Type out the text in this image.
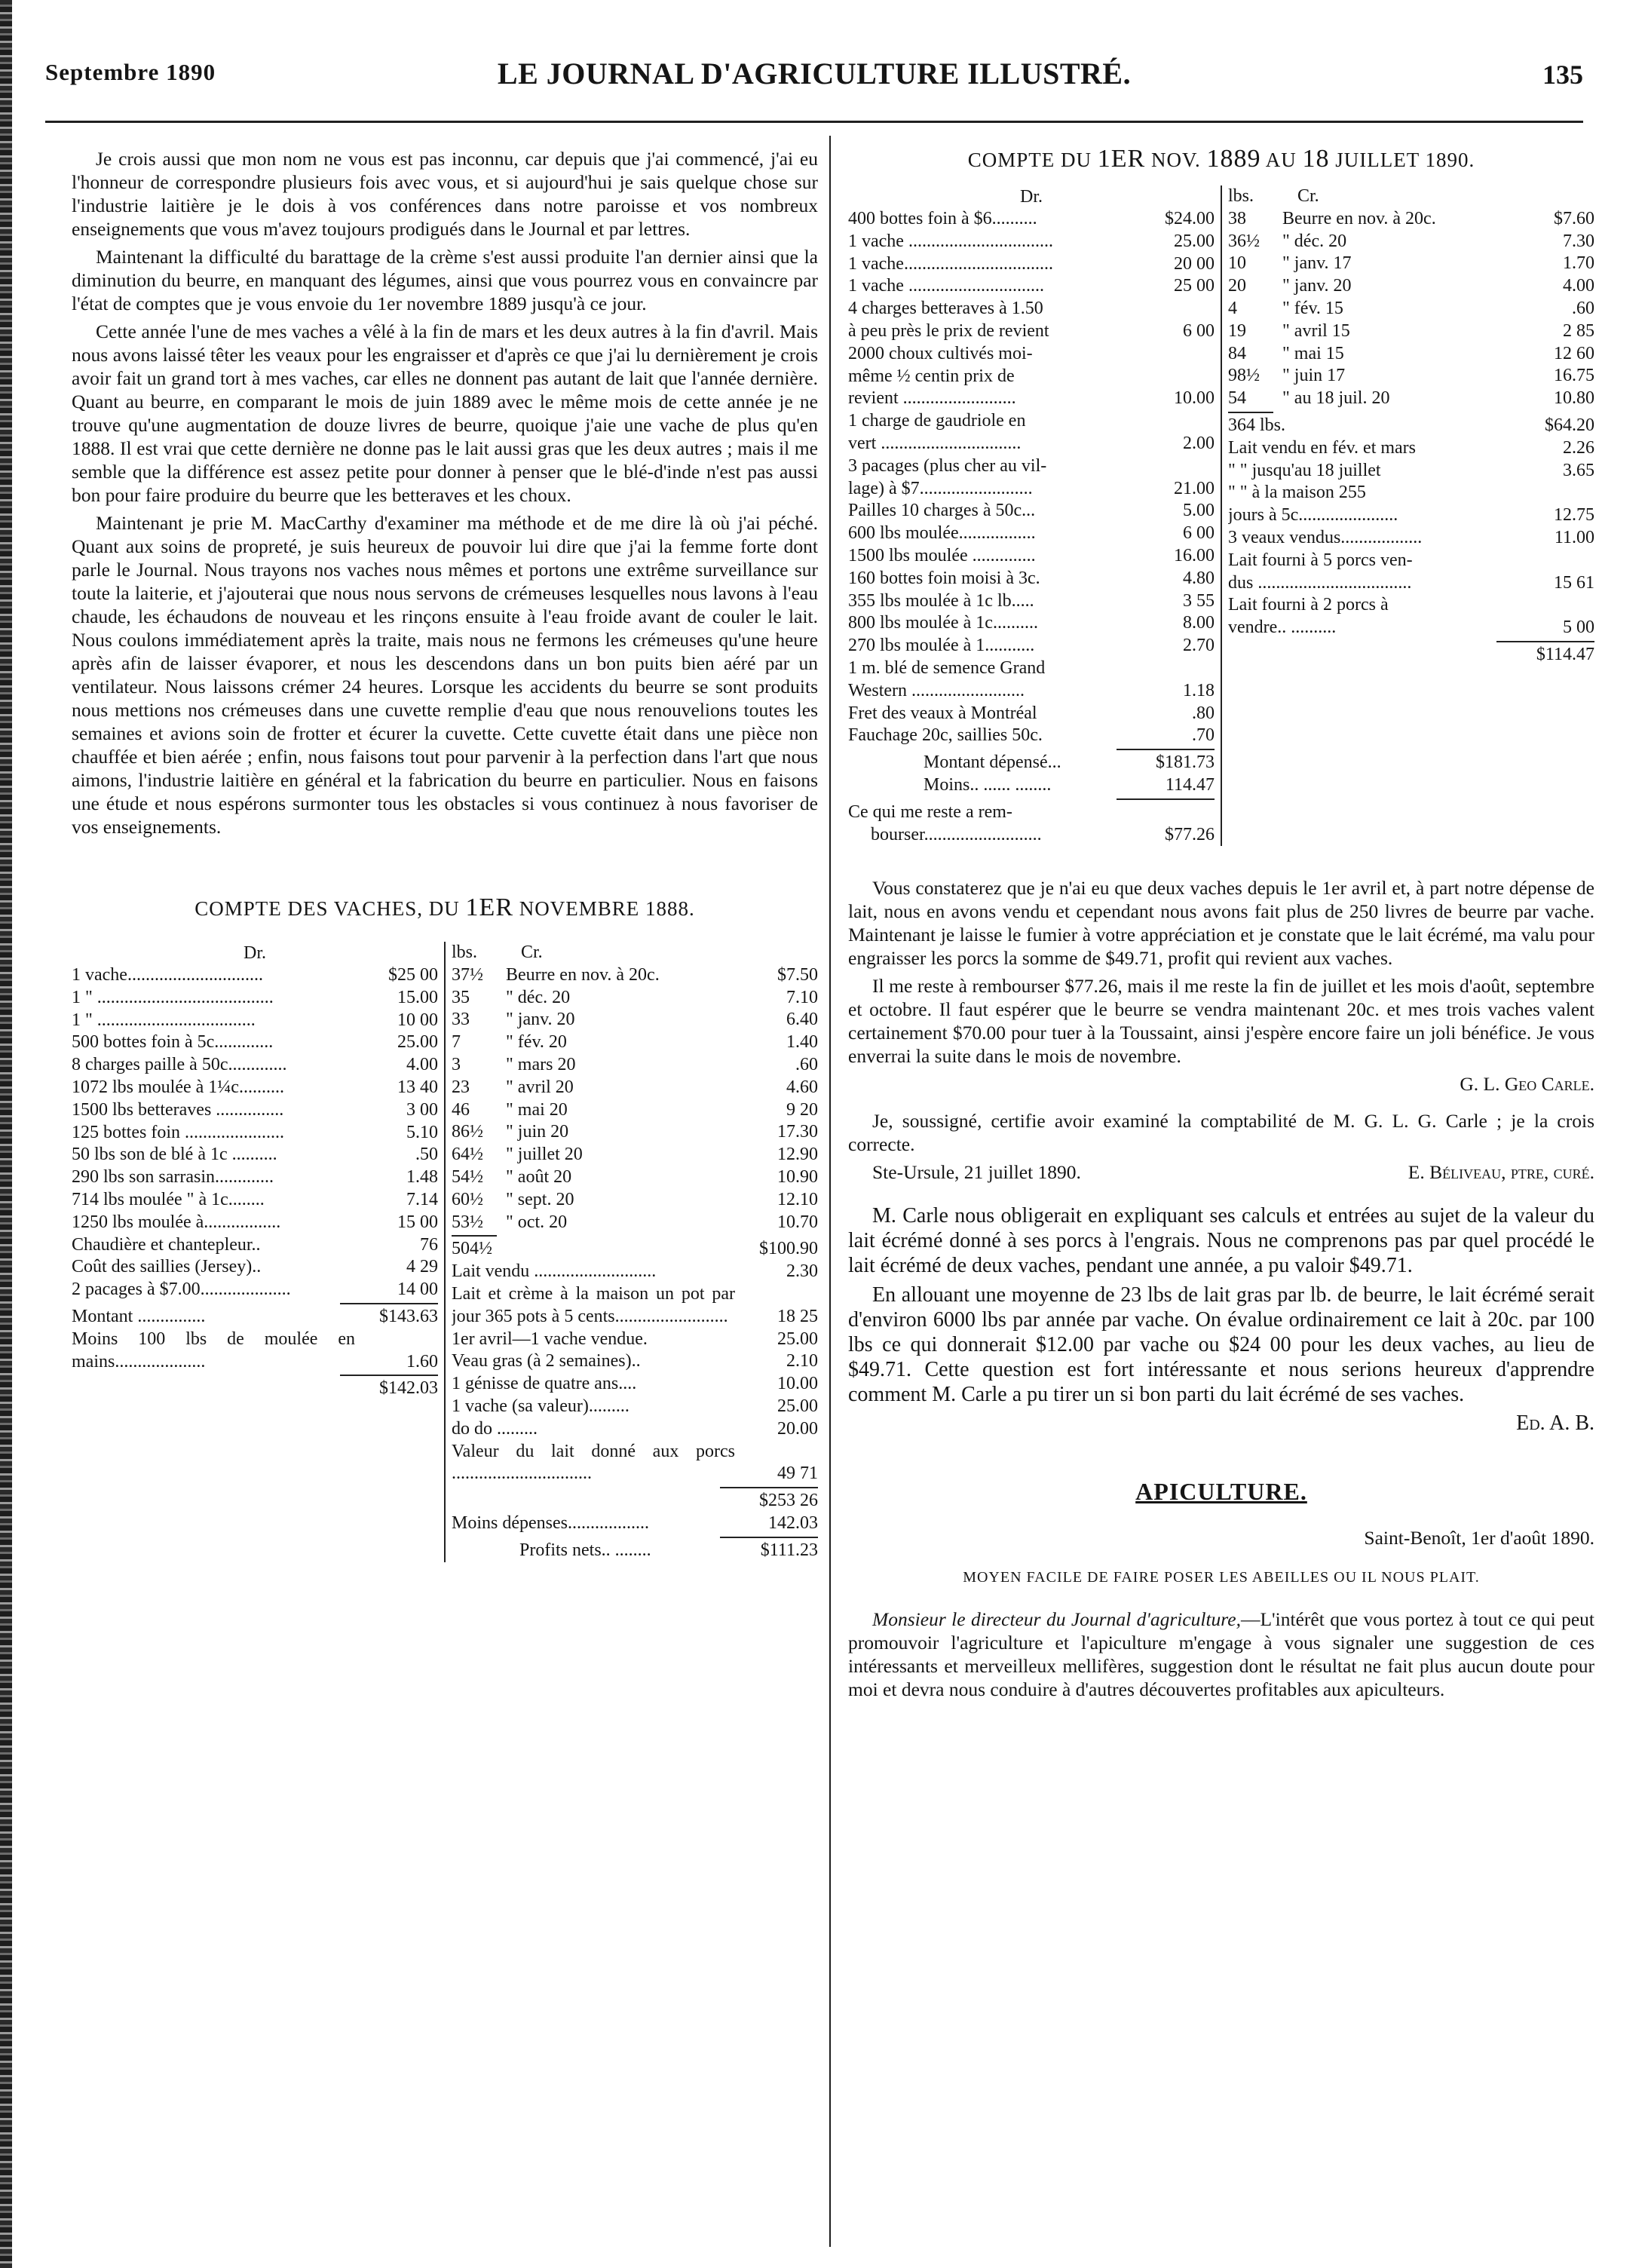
Septembre 1890	LE JOURNAL D'AGRICULTURE ILLUSTRÉ.	135

Je crois aussi que mon nom ne vous est pas inconnu, car depuis que j'ai commencé, j'ai eu l'honneur de correspondre plusieurs fois avec vous, et si aujourd'hui je sais quelque chose sur l'industrie laitière je le dois à vos conférences dans notre paroisse et vos nombreux enseignements que vous m'avez toujours prodigués dans le Journal et par lettres.

Maintenant la difficulté du barattage de la crème s'est aussi produite l'an dernier ainsi que la diminution du beurre, en manquant des légumes, ainsi que vous pourrez vous en convaincre par l'état de comptes que je vous envoie du 1er novembre 1889 jusqu'à ce jour.

Cette année l'une de mes vaches a vêlé à la fin de mars et les deux autres à la fin d'avril. Mais nous avons laissé têter les veaux pour les engraisser et d'après ce que j'ai lu dernièrement je crois avoir fait un grand tort à mes vaches, car elles ne donnent pas autant de lait que l'année dernière. Quant au beurre, en comparant le mois de juin 1889 avec le même mois de cette année je ne trouve qu'une augmentation de douze livres de beurre, quoique j'aie une vache de plus qu'en 1888. Il est vrai que cette dernière ne donne pas le lait aussi gras que les deux autres ; mais il me semble que la différence est assez petite pour donner à penser que le blé-d'inde n'est pas aussi bon pour faire produire du beurre que les betteraves et les choux.

Maintenant je prie M. MacCarthy d'examiner ma méthode et de me dire là où j'ai péché. Quant aux soins de propreté, je suis heureux de pouvoir lui dire que j'ai la femme forte dont parle le Journal. Nous trayons nos vaches nous mêmes et portons une extrême surveillance sur toute la laiterie, et j'ajouterai que nous nous servons de crémeuses lesquelles nous lavons à l'eau chaude, les échaudons de nouveau et les rinçons ensuite à l'eau froide avant de couler le lait. Nous coulons immédiatement après la traite, mais nous ne fermons les crémeuses qu'une heure après afin de laisser évaporer, et nous les descendons dans un bon puits bien aéré par un ventilateur. Nous laissons crémer 24 heures. Lorsque les accidents du beurre se sont produits nous mettions nos crémeuses dans une cuvette remplie d'eau que nous renouvelions toutes les semaines et avions soin de frotter et écurer la cuvette. Cette cuvette était dans une pièce non chauffée et bien aérée ; enfin, nous faisons tout pour parvenir à la perfection dans l'art que nous aimons, l'industrie laitière en général et la fabrication du beurre en particulier. Nous en faisons une étude et nous espérons surmonter tous les obstacles si vous continuez à nous favoriser de vos enseignements.

COMPTE DES VACHES, DU 1ER NOVEMBRE 1888.

Dr.
1 vache..............................	$25 00
1 " .......................................	15.00
1 " ...................................	10 00
500 bottes foin à 5c.............	25.00
8 charges paille à 50c.............	4.00
1072 lbs moulée à 1¼c..........	13 40
1500 lbs betteraves ...............	3 00
125 bottes foin ......................	5.10
50 lbs son de blé à 1c ..........	.50
290 lbs son sarrasin.............	1.48
714 lbs moulée " à 1c........	7.14
1250 lbs moulée à.................	15 00
Chaudière et chantepleur..	76
Coût des saillies (Jersey)..	4 29
2 pacages à $7.00....................	14 00
Montant ...............	$143.63
Moins 100 lbs de moulée en mains....................	1.60
$142.03
lbs.	Cr.
37½	Beurre en nov. à 20c.	$7.50
35	" déc. 20	7.10
33	" janv. 20	6.40
7	" fév. 20	1.40
3	" mars 20	.60
23	" avril 20	4.60
46	" mai 20	9 20
86½	" juin 20	17.30
64½	" juillet 20	12.90
54½	" août 20	10.90
60½	" sept. 20	12.10
53½	" oct. 20	10.70
504½	$100.90
Lait vendu ...........................	2.30
Lait et crème à la maison un pot par jour 365 pots à 5 cents.........................	18 25
1er avril—1 vache vendue.	25.00
Veau gras (à 2 semaines)..	2.10
1 génisse de quatre ans....	10.00
1 vache (sa valeur).........	25.00
do do .........	20.00
Valeur du lait donné aux porcs ...............................	49 71
$253 26
Moins dépenses..................	142.03
Profits nets.. ........	$111.23

COMPTE DU 1ER NOV. 1889 AU 18 JUILLET 1890.

Dr.
400 bottes foin à $6..........	$24.00
1 vache ................................	25.00
1 vache.................................	20 00
1 vache ..............................	25 00
4 charges betteraves à 1.50
à peu près le prix de revient	6 00
2000 choux cultivés moi-
même ½ centin prix de
revient .........................	10.00
1 charge de gaudriole en
vert ...............................	2.00
3 pacages (plus cher au vil-
lage) à $7.........................	21.00
Pailles 10 charges à 50c...	5.00
600 lbs moulée.................	6 00
1500 lbs moulée ..............	16.00
160 bottes foin moisi à 3c.	4.80
355 lbs moulée à 1c lb.....	3 55
800 lbs moulée à 1c..........	8.00
270 lbs moulée à 1...........	2.70
1 m. blé de semence Grand
Western .........................	1.18
Fret des veaux à Montréal	.80
Fauchage 20c, saillies 50c.	.70
Montant dépensé...	$181.73
Moins.. ...... ........	114.47
Ce qui me reste a rem-
bourser..........................	$77.26
lbs.	Cr.
38	Beurre en nov. à 20c.	$7.60
36½	" déc. 20	7.30
10	" janv. 17	1.70
20	" janv. 20	4.00
4	" fév. 15	.60
19	" avril 15	2 85
84	" mai 15	12 60
98½	" juin 17	16.75
54	" au 18 juil. 20	10.80
364 lbs.	$64.20
Lait vendu en fév. et mars	2.26
" " jusqu'au 18 juillet	3.65
" " à la maison 255
jours à 5c......................	12.75
3 veaux vendus..................	11.00
Lait fourni à 5 porcs ven-
dus ..................................	15 61
Lait fourni à 2 porcs à
vendre.. ..........	5 00
$114.47

Vous constaterez que je n'ai eu que deux vaches depuis le 1er avril et, à part notre dépense de lait, nous en avons vendu et cependant nous avons fait plus de 250 livres de beurre par vache. Maintenant je laisse le fumier à votre appréciation et je constate que le lait écrémé, ma valu pour engraisser les porcs la somme de $49.71, profit qui revient aux vaches.

Il me reste à rembourser $77.26, mais il me reste la fin de juillet et les mois d'août, septembre et octobre. Il faut espérer que le beurre se vendra maintenant 20c. et mes trois vaches valent certainement $70.00 pour tuer à la Toussaint, ainsi j'espère encore faire un joli bénéfice. Je vous enverrai la suite dans le mois de novembre.

G. L. Geo Carle.

Je, soussigné, certifie avoir examiné la comptabilité de M. G. L. G. Carle ; je la crois correcte.

Ste-Ursule, 21 juillet 1890.	E. Béliveau, ptre, curé.

M. Carle nous obligerait en expliquant ses calculs et entrées au sujet de la valeur du lait écrémé donné à ses porcs à l'engrais. Nous ne comprenons pas par quel procédé le lait écrémé de deux vaches, pendant une année, a pu valoir $49.71.

En allouant une moyenne de 23 lbs de lait gras par lb. de beurre, le lait écrémé serait d'environ 6000 lbs par année par vache. On évalue ordinairement ce lait à 20c. par 100 lbs ce qui donnerait $12.00 par vache ou $24 00 pour les deux vaches, au lieu de $49.71. Cette question est fort intéressante et nous serions heureux d'apprendre comment M. Carle a pu tirer un si bon parti du lait écrémé de ses vaches.

Ed. A. B.

APICULTURE.

Saint-Benoît, 1er d'août 1890.

MOYEN FACILE DE FAIRE POSER LES ABEILLES OU IL NOUS PLAIT.

Monsieur le directeur du Journal d'agriculture,—L'intérêt que vous portez à tout ce qui peut promouvoir l'agriculture et l'apiculture m'engage à vous signaler une suggestion de ces intéressants et merveilleux mellifères, suggestion dont le résultat ne fait plus aucun doute pour moi et devra nous conduire à d'autres découvertes profitables aux apiculteurs.
